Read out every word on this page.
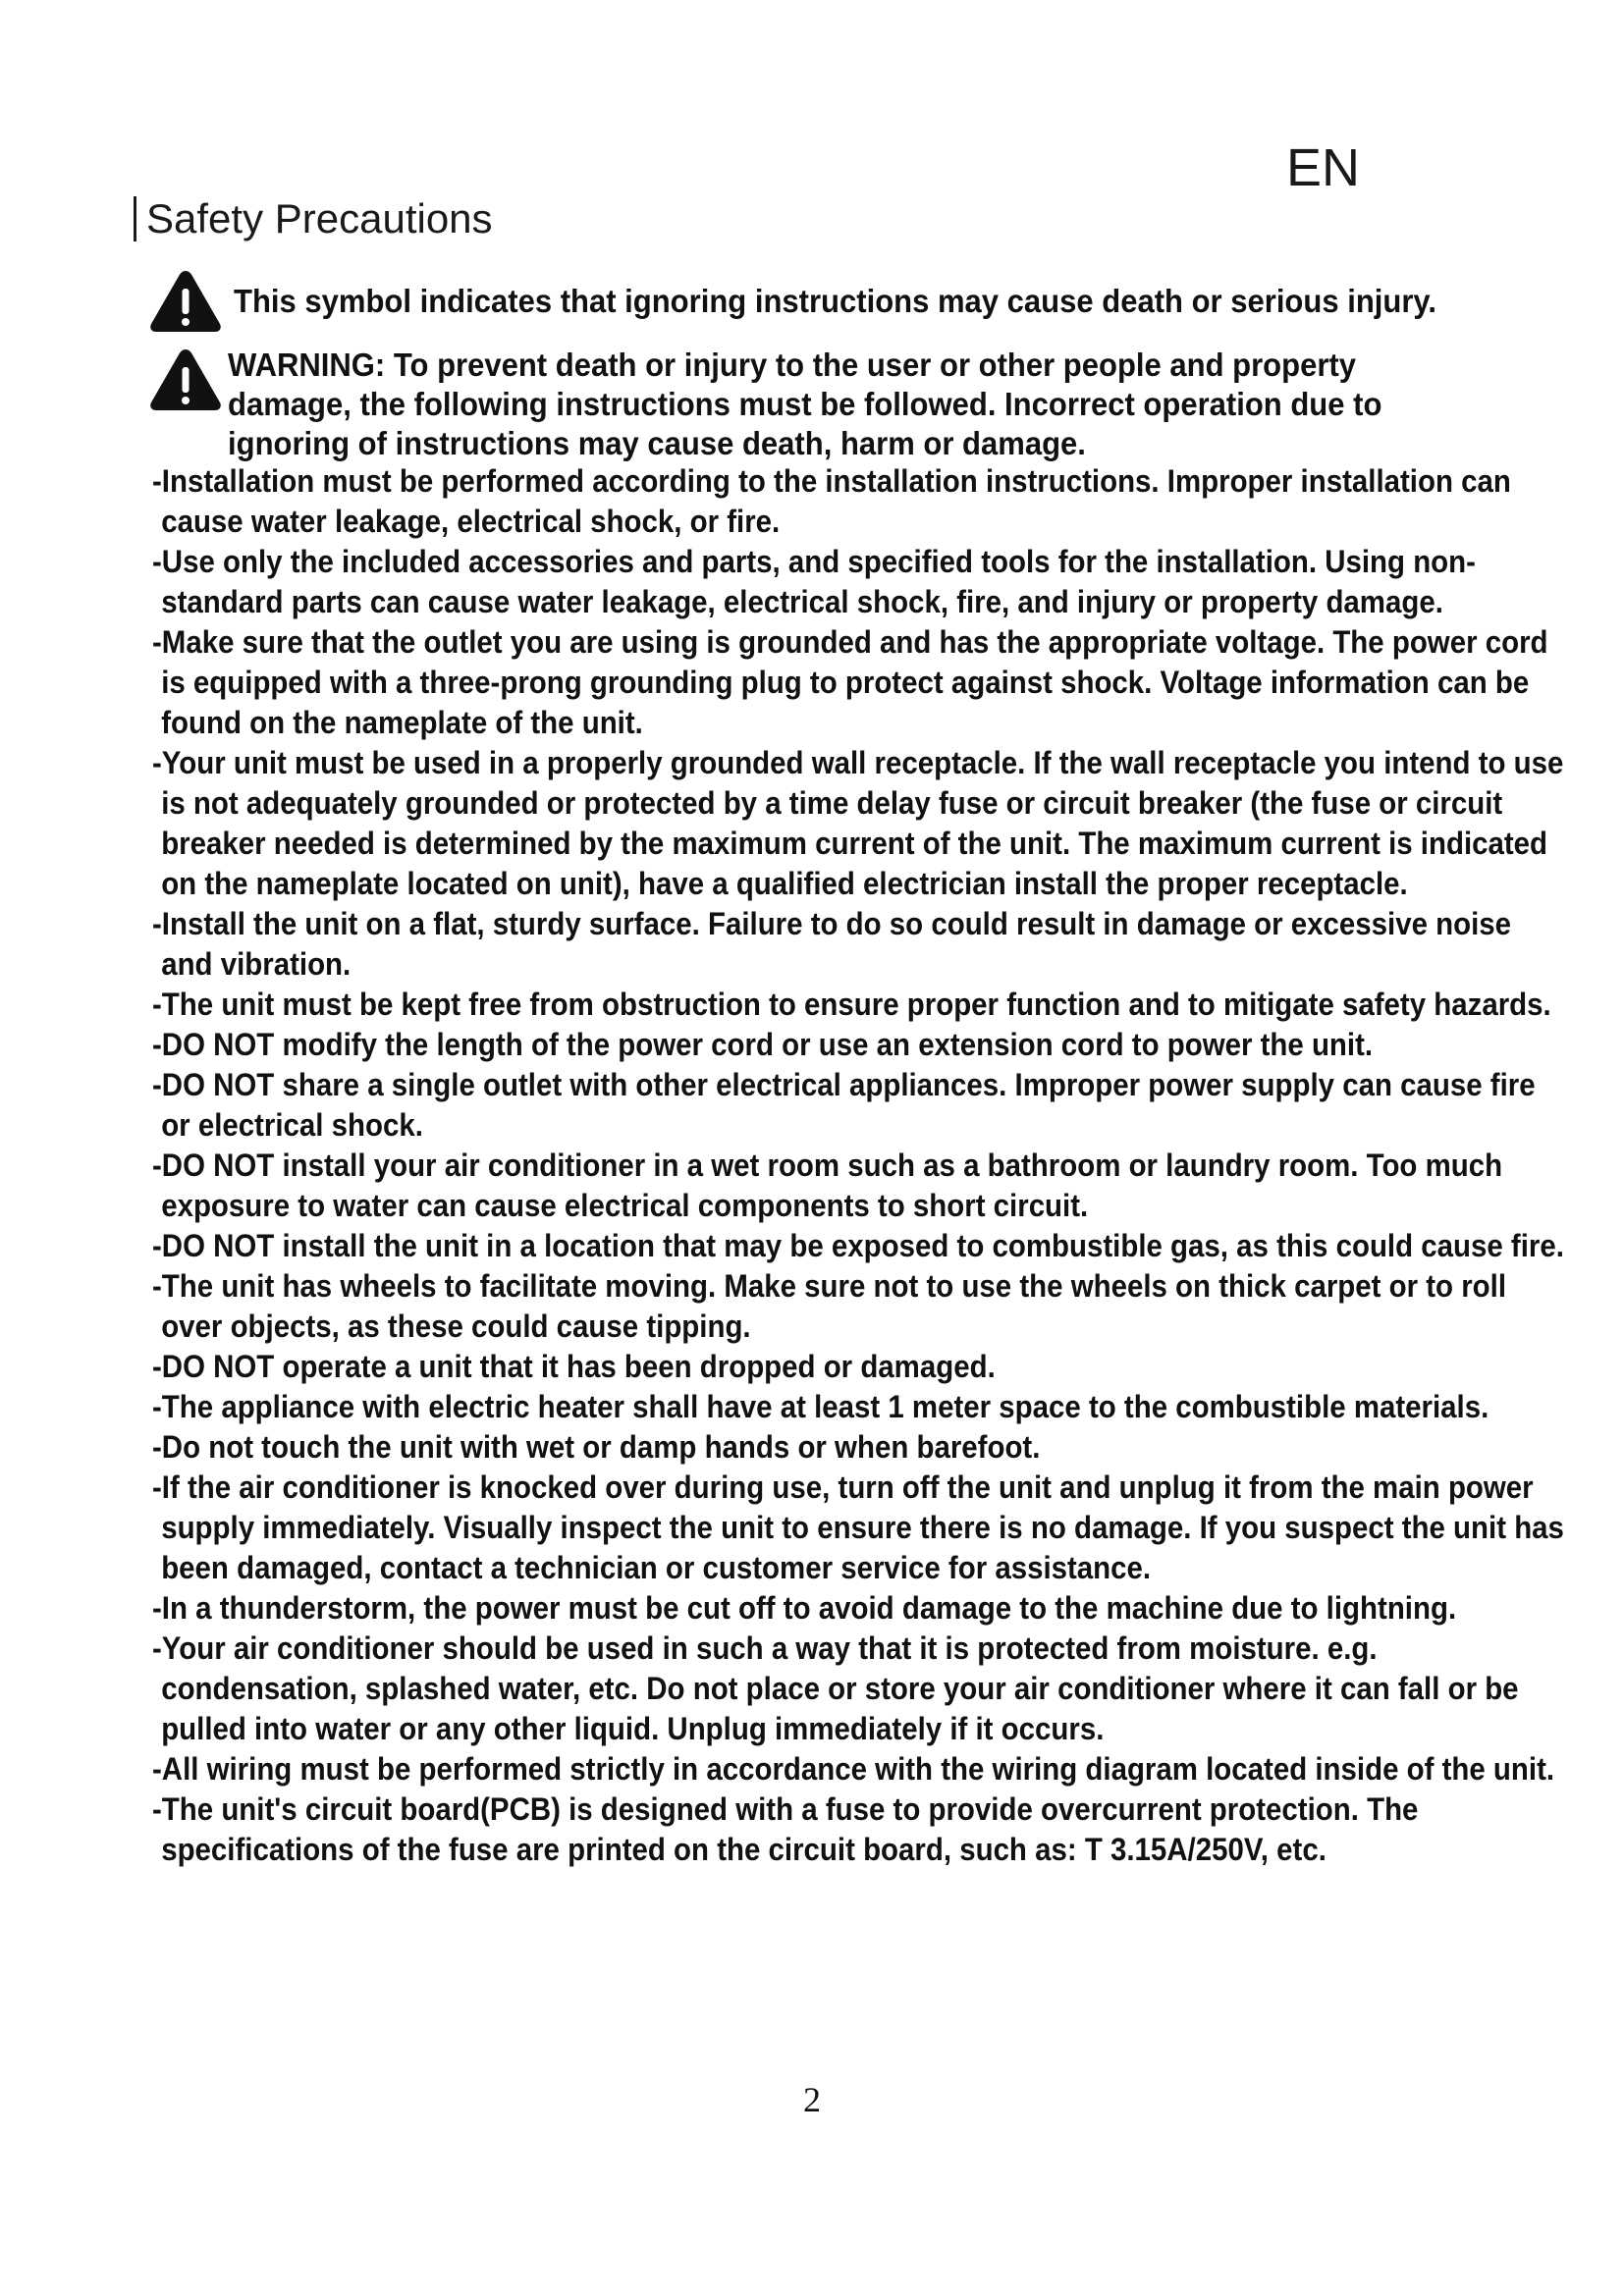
EN
Safety Precautions
This symbol indicates that ignoring instructions may cause death or serious injury.
WARNING: To prevent death or injury to the user or other people and property damage, the following instructions must be followed. Incorrect operation due to ignoring of instructions may cause death, harm or damage.
-Installation must be performed according to the installation instructions. Improper installation can cause water leakage, electrical shock, or fire.
-Use only the included accessories and parts, and specified tools for the installation. Using non-standard parts can cause water leakage, electrical shock, fire, and injury or property damage.
-Make sure that the outlet you are using is grounded and has the appropriate voltage. The power cord is equipped with a three-prong grounding plug to protect against shock. Voltage information can be found on the nameplate of the unit.
-Your unit must be used in a properly grounded wall receptacle. If the wall receptacle you intend to use is not adequately grounded or protected by a time delay fuse or circuit breaker (the fuse or circuit breaker needed is determined by the maximum current of the unit. The maximum current is indicated on the nameplate located on unit), have a qualified electrician install the proper receptacle.
-Install the unit on a flat, sturdy surface. Failure to do so could result in damage or excessive noise and vibration.
-The unit must be kept free from obstruction to ensure proper function and to mitigate safety hazards.
-DO NOT modify the length of the power cord or use an extension cord to power the unit.
-DO NOT share a single outlet with other electrical appliances. Improper power supply can cause fire or electrical shock.
-DO NOT install your air conditioner in a wet room such as a bathroom or laundry room. Too much exposure to water can cause electrical components to short circuit.
-DO NOT install the unit in a location that may be exposed to combustible gas, as this could cause fire.
-The unit has wheels to facilitate moving. Make sure not to use the wheels on thick carpet or to roll over objects, as these could cause tipping.
-DO NOT operate a unit that it has been dropped or damaged.
-The appliance with electric heater shall have at least 1 meter space to the combustible materials.
-Do not touch the unit with wet or damp hands or when barefoot.
-If the air conditioner is knocked over during use, turn off the unit and unplug it from the main power supply immediately. Visually inspect the unit to ensure there is no damage. If you suspect the unit has been damaged, contact a technician or customer service for assistance.
-In a thunderstorm, the power must be cut off to avoid damage to the machine due to lightning.
-Your air conditioner should be used in such a way that it is protected from moisture. e.g. condensation, splashed water, etc. Do not place or store your air conditioner where it can fall or be pulled into water or any other liquid. Unplug immediately if it occurs.
-All wiring must be performed strictly in accordance with the wiring diagram located inside of the unit.
-The unit's circuit board(PCB) is designed with a fuse to provide overcurrent protection. The specifications of the fuse are printed on the circuit board, such as: T 3.15A/250V, etc.
2
